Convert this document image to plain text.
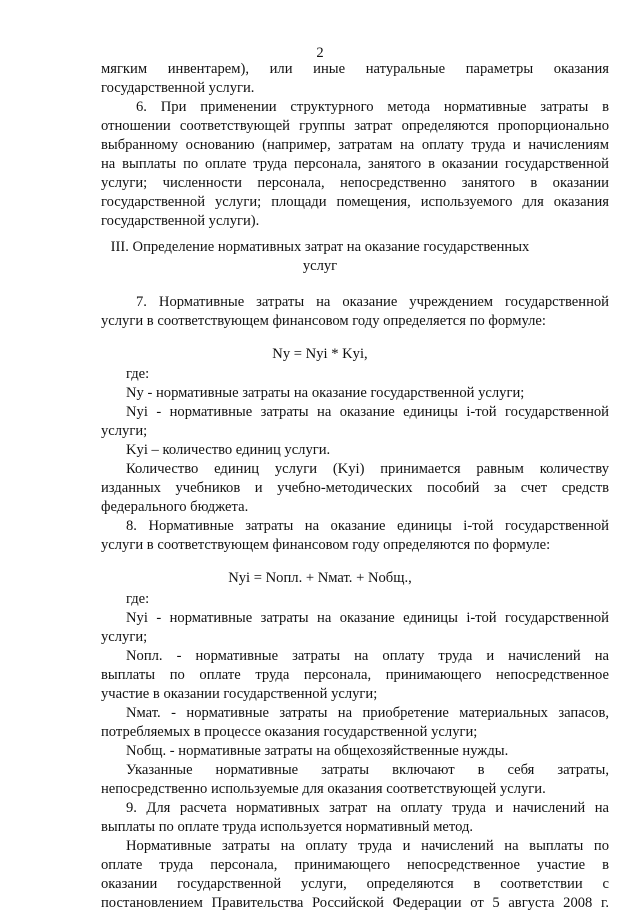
2
мягким инвентарем), или иные натуральные параметры оказания
государственной услуги.
6. При применении структурного метода нормативные затраты в
отношении соответствующей группы затрат определяются пропорционально
выбранному основанию (например, затратам на оплату труда и начислениям
на выплаты по оплате труда персонала, занятого в оказании государственной
услуги; численности персонала, непосредственно занятого в оказании
государственной услуги; площади помещения, используемого для оказания
государственной услуги).
III. Определение нормативных затрат на оказание государственных
услуг
7. Нормативные затраты на оказание учреждением государственной
услуги в соответствующем финансовом году определяется по формуле:
Ny = Nyi * Kyi,
где:
Ny - нормативные затраты на оказание государственной услуги;
Nyi - нормативные затраты на оказание единицы i-той государственной
услуги;
Kyi – количество единиц услуги.
Количество единиц услуги (Kyi) принимается равным количеству
изданных учебников и учебно-методических пособий за счет средств
федерального бюджета.
8. Нормативные затраты на оказание единицы i-той государственной
услуги в соответствующем финансовом году определяются по формуле:
Nyi = Nопл. + Nмат. + Nобщ.,
где:
Nyi - нормативные затраты на оказание единицы i-той государственной
услуги;
Nопл. - нормативные затраты на оплату труда и начислений на
выплаты по оплате труда персонала, принимающего непосредственное
участие в оказании государственной услуги;
Nмат. - нормативные затраты на приобретение материальных запасов,
потребляемых в процессе оказания государственной услуги;
Nобщ. - нормативные затраты на общехозяйственные нужды.
Указанные нормативные затраты включают в себя затраты,
непосредственно используемые для оказания соответствующей услуги.
9. Для расчета нормативных затрат на оплату труда и начислений на
выплаты по оплате труда используется нормативный метод.
Нормативные затраты на оплату труда и начислений на выплаты по
оплате труда персонала, принимающего непосредственное участие в
оказании государственной услуги, определяются в соответствии с
постановлением Правительства Российской Федерации от 5 августа 2008 г.
